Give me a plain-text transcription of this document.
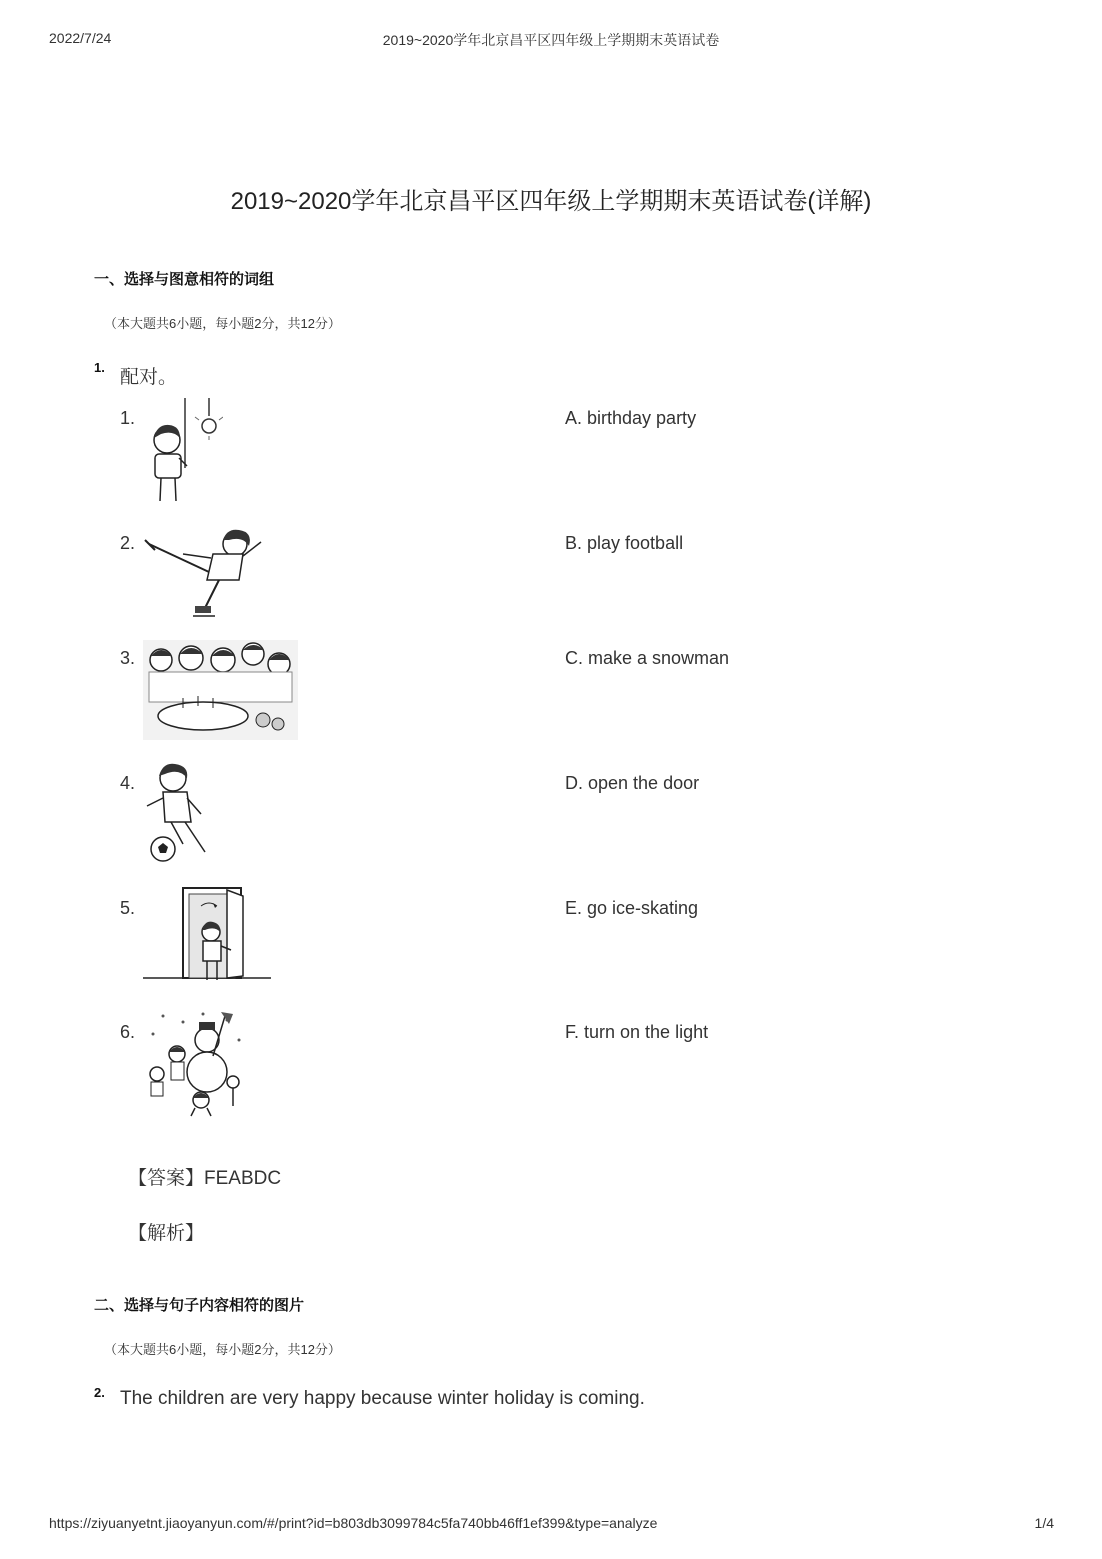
2022/7/24	2019~2020学年北京昌平区四年级上学期期末英语试卷
2019~2020学年北京昌平区四年级上学期期末英语试卷(详解)
一、选择与图意相符的词组
（本大题共6小题，每小题2分，共12分）
1. 配对。
1.	A. birthday party
2.	B. play football
3.	C. make a snowman
4.	D. open the door
5.	E. go ice-skating
6.	F. turn on the light
【答案】FEABDC
【解析】
二、选择与句子内容相符的图片
（本大题共6小题，每小题2分，共12分）
2. The children are very happy because winter holiday is coming.
https://ziyuanyetnt.jiaoyanyun.com/#/print?id=b803db3099784c5fa740bb46ff1ef399&type=analyze	1/4
